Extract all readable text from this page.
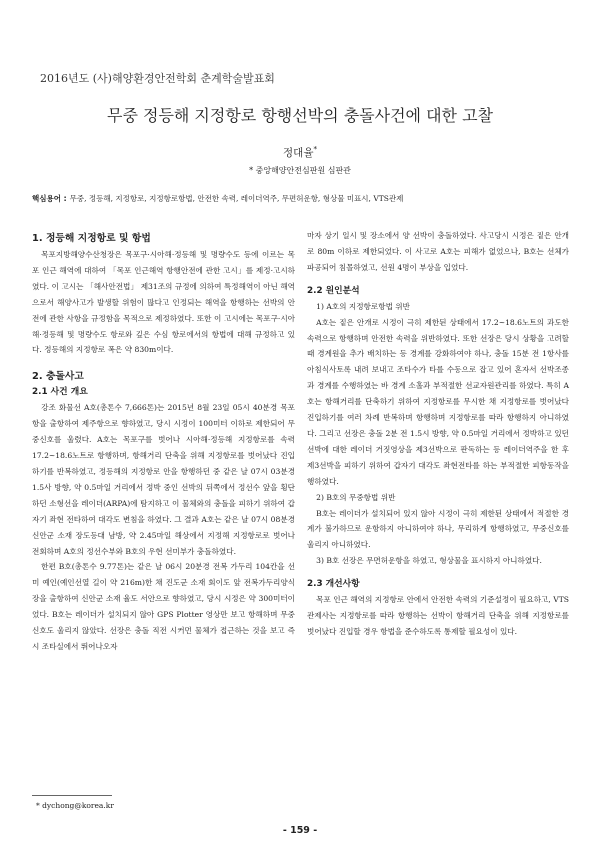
2016년도 (사)해양환경안전학회 춘계학술발표회
무중 정등해 지정항로 항행선박의 충돌사건에 대한 고찰
정대율*
* 중앙해양안전심판원 심판관
핵심용어 : 무중, 정등해, 지정항로, 지정항로항법, 안전한 속력, 레이더역주, 무편허운항, 형상물 미표시, VTS관제
1. 정등해 지정항로 및 항법

목포지방해양수산청장은 목포구·시아해·정등해 및 명량수도 등에 이르는 목포 인근 해역에 대하여 「목포 인근해역 항행안전에 관한 고시」를 제정·고시하였다. 이 고시는 「해사안전법」 제31조의 규정에 의하여 특정해역이 아닌 해역으로서 해양사고가 발생할 위험이 많다고 인정되는 해역을 항행하는 선박의 안전에 관한 사항을 규정함을 목적으로 제정하였다. 또한 이 고시에는 목포구·시아해·정등해 및 명량수도 항로와 깊은 수심 항로에서의 항법에 대해 규정하고 있다. 정등해의 지정항로 폭은 약 830m이다.

2. 충돌사고
2.1 사건 개요

강조 화물선 A호(총톤수 7,666톤)는 2015년 8월 23일 05시 40분경 목포항을 출항하여 제주항으로 향하였고, 당시 시정이 100미터 이하로 제한되어 무중신호를 울렸다. A호는 목포구를 벗어나 시아해·정등해 지정항로를 속력 17.2~18.6노트로 항행하며, 항해거리 단축을 위해 지정항로를 벗어났다 진입하기를 반복하였고, 정등해의 지정항로 안을 항행하던 중 같은 날 07시 03분경 1.5사 방향, 약 0.5마일 거리에서 정박 중인 선박의 뒤쪽에서 정선수 앞을 횡단하던 소형선을 레이더(ARPA)에 탐지하고 이 물체와의 충돌을 피하기 위하여 갑자기 좌현 전타하여 대각도 변침을 하였다. 그 결과 A호는 같은 날 07시 08분경 신안군 소재 장도등대 남방, 약 2.45마일 해상에서 지정해 지정항로로 벗어나 전회하며 A호의 정선수부와 B호의 우현 선미부가 충돌하였다.

한편 B호(총톤수 9.77톤)는 같은 날 06시 20분경 전복 가두리 104칸을 선미 예인(예인선열 길이 약 216m)한 채 진도군 소재 회이도 앞 전복가두리양식장을 출항하여 신안군 소재 율도 서안으로 향하였고, 당시 시정은 약 300미터이었다. B호는 레이더가 설치되지 않아 GPS Plotter 영상만 보고 항해하며 무중신호도 울리지 않았다. 선장은 충돌 직전 시커먼 물체가 접근하는 것을 보고 즉시 조타실에서 뛰어나오자

마자 상기 일시 및 장소에서 양 선박이 충돌하였다. 사고당시 시정은 짙은 안개로 80m 이하로 제한되었다. 이 사고로 A호는 피해가 없었으나, B호는 선체가 파공되어 침몰하였고, 선원 4명이 부상을 입었다.

2.2 원인분석

1) A호의 지정항로항법 위반

A호는 짙은 안개로 시정이 극히 제한된 상태에서 17.2~18.6노트의 과도한 속력으로 항행하며 안전한 속력을 위반하였다. 또한 선장은 당시 상황을 고려할 때 경계원을 추가 배치하는 등 경계를 강화하여야 하나, 충돌 15분 전 1항사를 아침식사토록 내려 보내고 조타수가 타를 수동으로 잡고 있어 혼자서 선박조종과 경계를 수행하였는 바 경계 소홀과 부적절한 선교자원관리를 하였다. 특히 A호는 항해거리를 단축하기 위하여 지정항로를 무시한 채 지정항로를 벗어났다 진입하기를 여러 차례 반복하며 항행하며 지정항로를 따라 항행하지 아니하였다. 그리고 선장은 충돌 2분 전 1.5시 방향, 약 0.5마일 거리에서 정박하고 있던 선박에 대한 레이더 거짓영상을 제3선박으로 판독하는 등 레이더역주을 한 후 제3선박을 피하기 위하여 갑자기 대각도 좌현전타를 하는 부적절한 피항동작을 행하였다.

2) B호의 무중항법 위반

B호는 레이더가 설치되어 있지 않아 시정이 극히 제한된 상태에서 적절한 경계가 불가하므로 운항하지 아니하여야 하나, 무리하게 항행하였고, 무중신호를 울리지 아니하였다.

3) B호 선장은 무면허운항을 하였고, 형상물을 표시하지 아니하였다.

2.3 개선사항

목포 인근 해역의 지정항로 안에서 안전한 속력의 기준설정이 필요하고, VTS관제사는 지정항로를 따라 항행하는 선박이 항해거리 단축을 위해 지정항로를 벗어났다 진입할 경우 항법을 준수하도록 통제할 필요성이 있다.

* dychong@korea.kr
- 159 -
